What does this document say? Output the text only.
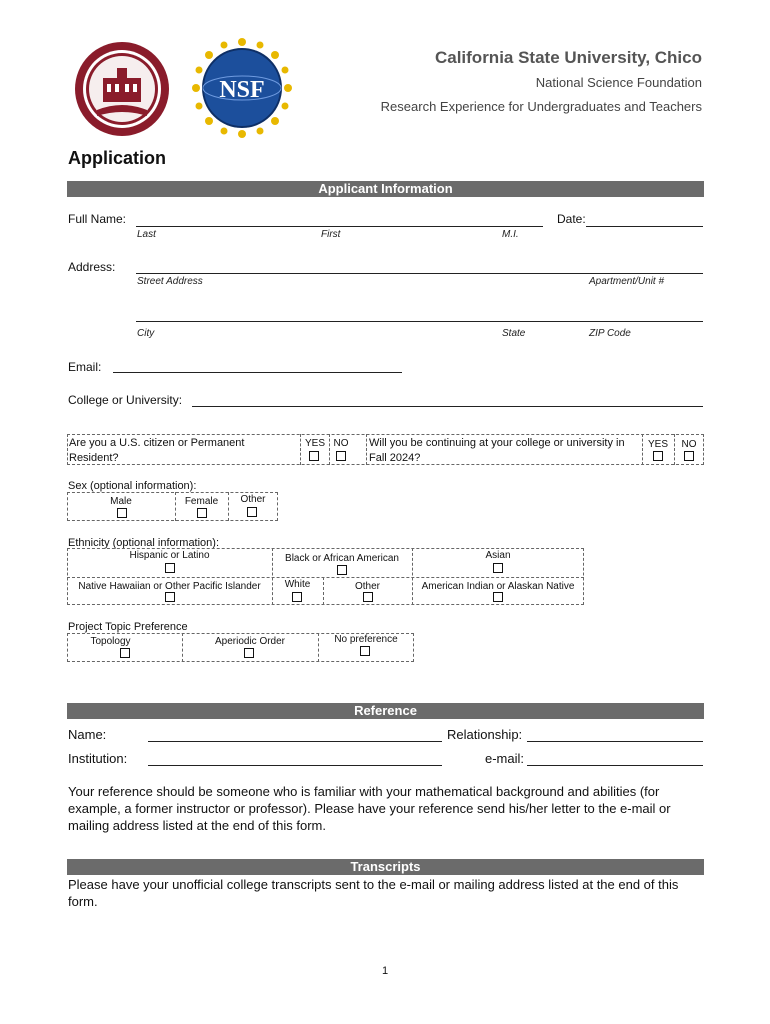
NSF
California State University, Chico
National Science Foundation
Research Experience for Undergraduates and Teachers
Application
Applicant Information
Full Name:	Date:
Last	First	M.I.
Address:
Street Address	Apartment/Unit #
City	State	ZIP Code
Email:
College or University:
Are you a U.S. citizen or Permanent Resident?
YES NO	Will you be continuing at your college or university in Fall 2024?
YES	NO
Sex (optional information):
Male	Female	Other
Ethnicity (optional information):
Hispanic or Latino	Black or African American	Asian
Native Hawaiian or Other Pacific Islander	White	Other	American Indian or Alaskan Native
Project Topic Preference
Topology	Aperiodic Order	No preference
Reference
Name:	Relationship:
Institution:	e-mail:
Your reference should be someone who is familiar with your mathematical background and abilities (for example, a former instructor or professor). Please have your reference send his/her letter to the e-mail or mailing address listed at the end of this form.
Transcripts
Please have your unofficial college transcripts sent to the e-mail or mailing address listed at the end of this form.
1
